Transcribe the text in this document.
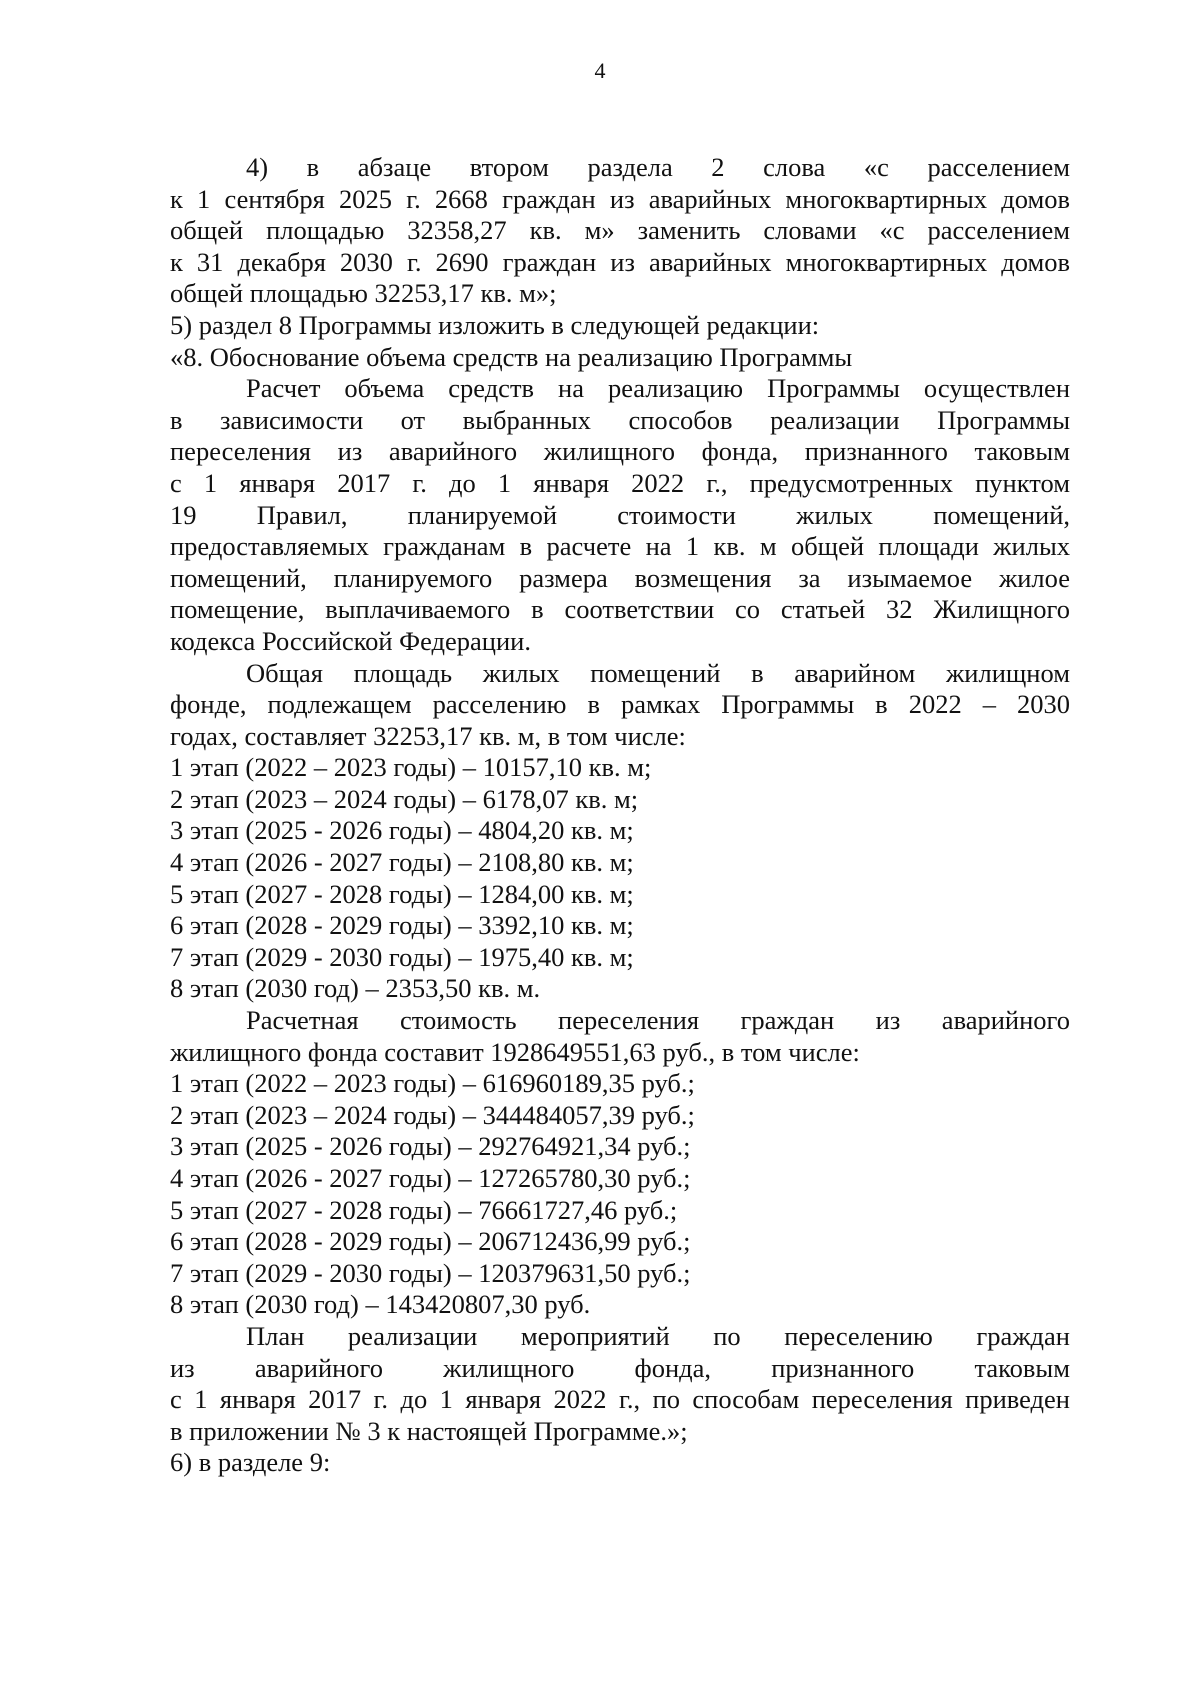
4

4) в абзаце втором раздела 2 слова «с расселением

к 1 сентября 2025 г. 2668 граждан из аварийных многоквартирных домов

общей площадью 32358,27 кв. м» заменить словами «с расселением

к 31 декабря 2030 г. 2690 граждан из аварийных многоквартирных домов

общей площадью 32253,17 кв. м»;

5) раздел 8 Программы изложить в следующей редакции:

«8. Обоснование объема средств на реализацию Программы

Расчет объема средств на реализацию Программы осуществлен

в зависимости от выбранных способов реализации Программы

переселения из аварийного жилищного фонда, признанного таковым

с 1 января 2017 г. до 1 января 2022 г., предусмотренных пунктом

19 Правил, планируемой стоимости жилых помещений,

предоставляемых гражданам в расчете на 1 кв. м общей площади жилых

помещений, планируемого размера возмещения за изымаемое жилое

помещение, выплачиваемого в соответствии со статьей 32 Жилищного

кодекса Российской Федерации.

Общая площадь жилых помещений в аварийном жилищном

фонде, подлежащем расселению в рамках Программы в 2022 – 2030

годах, составляет 32253,17 кв. м, в том числе:

1 этап (2022 – 2023 годы) – 10157,10 кв. м;

2 этап (2023 – 2024 годы) – 6178,07 кв. м;

3 этап (2025 - 2026 годы) – 4804,20 кв. м;

4 этап (2026 - 2027 годы) – 2108,80 кв. м;

5 этап (2027 - 2028 годы) – 1284,00 кв. м;

6 этап (2028 - 2029 годы) – 3392,10 кв. м;

7 этап (2029 - 2030 годы) – 1975,40 кв. м;

8 этап (2030 год) – 2353,50 кв. м.

Расчетная стоимость переселения граждан из аварийного

жилищного фонда составит 1928649551,63 руб., в том числе:

1 этап (2022 – 2023 годы) – 616960189,35 руб.;

2 этап (2023 – 2024 годы) – 344484057,39 руб.;

3 этап (2025 - 2026 годы) – 292764921,34 руб.;

4 этап (2026 - 2027 годы) – 127265780,30 руб.;

5 этап (2027 - 2028 годы) – 76661727,46 руб.;

6 этап (2028 - 2029 годы) – 206712436,99 руб.;

7 этап (2029 - 2030 годы) – 120379631,50 руб.;

8 этап (2030 год) – 143420807,30 руб.

План реализации мероприятий по переселению граждан

из аварийного жилищного фонда, признанного таковым

с 1 января 2017 г. до 1 января 2022 г., по способам переселения приведен

в приложении № 3 к настоящей Программе.»;

6) в разделе 9:
